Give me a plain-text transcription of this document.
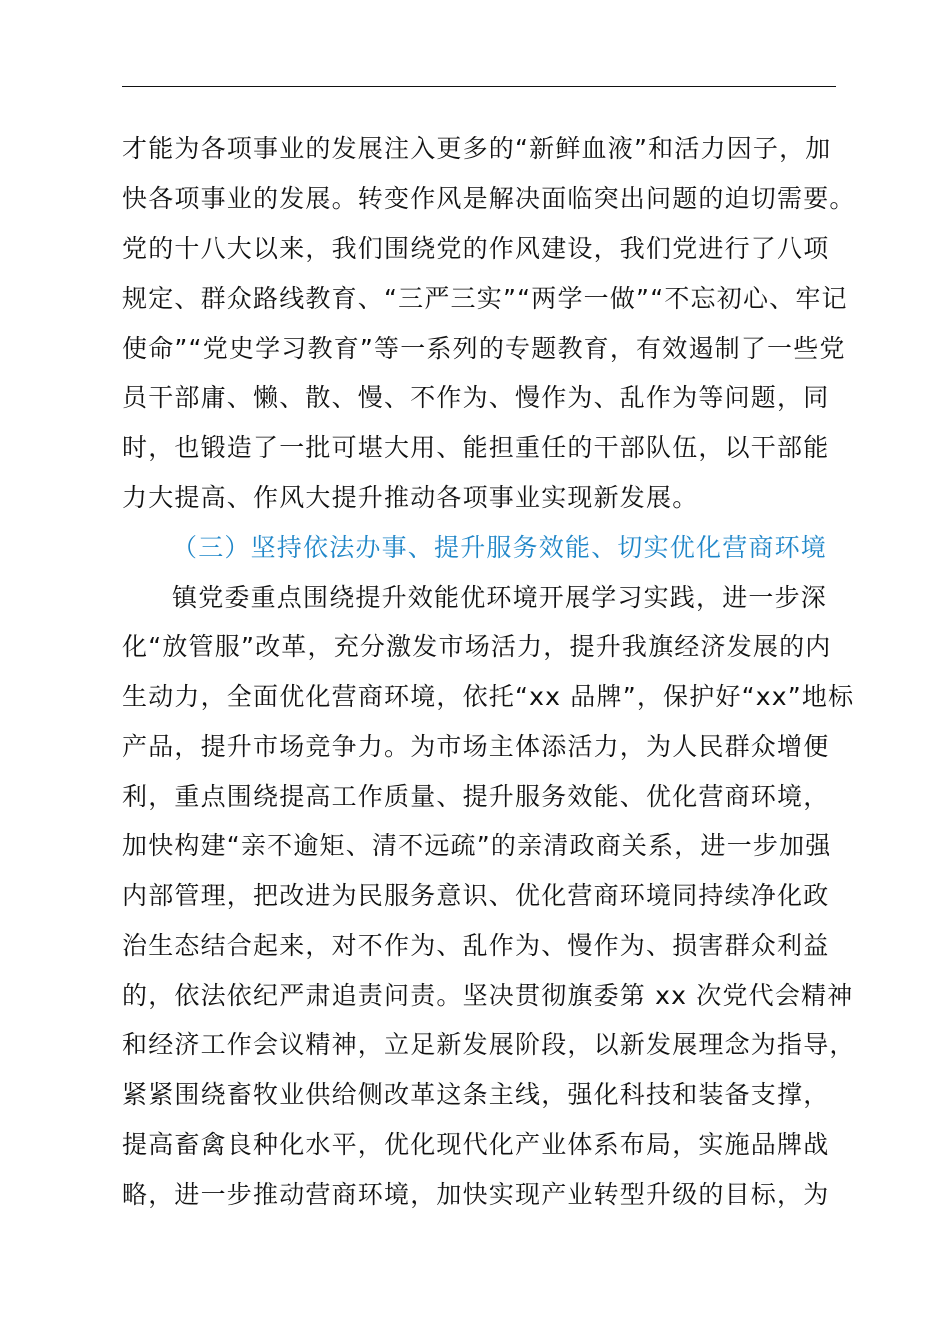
才能为各项事业的发展注入更多的“新鲜血液”和活力因子，加
快各项事业的发展。转变作风是解决面临突出问题的迫切需要。
党的十八大以来，我们围绕党的作风建设，我们党进行了八项
规定、群众路线教育、“三严三实”“两学一做”“不忘初心、牢记
使命”“党史学习教育”等一系列的专题教育，有效遏制了一些党
员干部庸、懒、散、慢、不作为、慢作为、乱作为等问题，同
时，也锻造了一批可堪大用、能担重任的干部队伍，以干部能
力大提高、作风大提升推动各项事业实现新发展。
（三）坚持依法办事、提升服务效能、切实优化营商环境
镇党委重点围绕提升效能优环境开展学习实践，进一步深
化“放管服”改革，充分激发市场活力，提升我旗经济发展的内
生动力，全面优化营商环境，依托“xx 品牌”，保护好“xx”地标
产品，提升市场竞争力。为市场主体添活力，为人民群众增便
利，重点围绕提高工作质量、提升服务效能、优化营商环境，
加快构建“亲不逾矩、清不远疏”的亲清政商关系，进一步加强
内部管理，把改进为民服务意识、优化营商环境同持续净化政
治生态结合起来，对不作为、乱作为、慢作为、损害群众利益
的，依法依纪严肃追责问责。坚决贯彻旗委第 xx 次党代会精神
和经济工作会议精神，立足新发展阶段，以新发展理念为指导，
紧紧围绕畜牧业供给侧改革这条主线，强化科技和装备支撑，
提高畜禽良种化水平，优化现代化产业体系布局，实施品牌战
略，进一步推动营商环境，加快实现产业转型升级的目标，为
